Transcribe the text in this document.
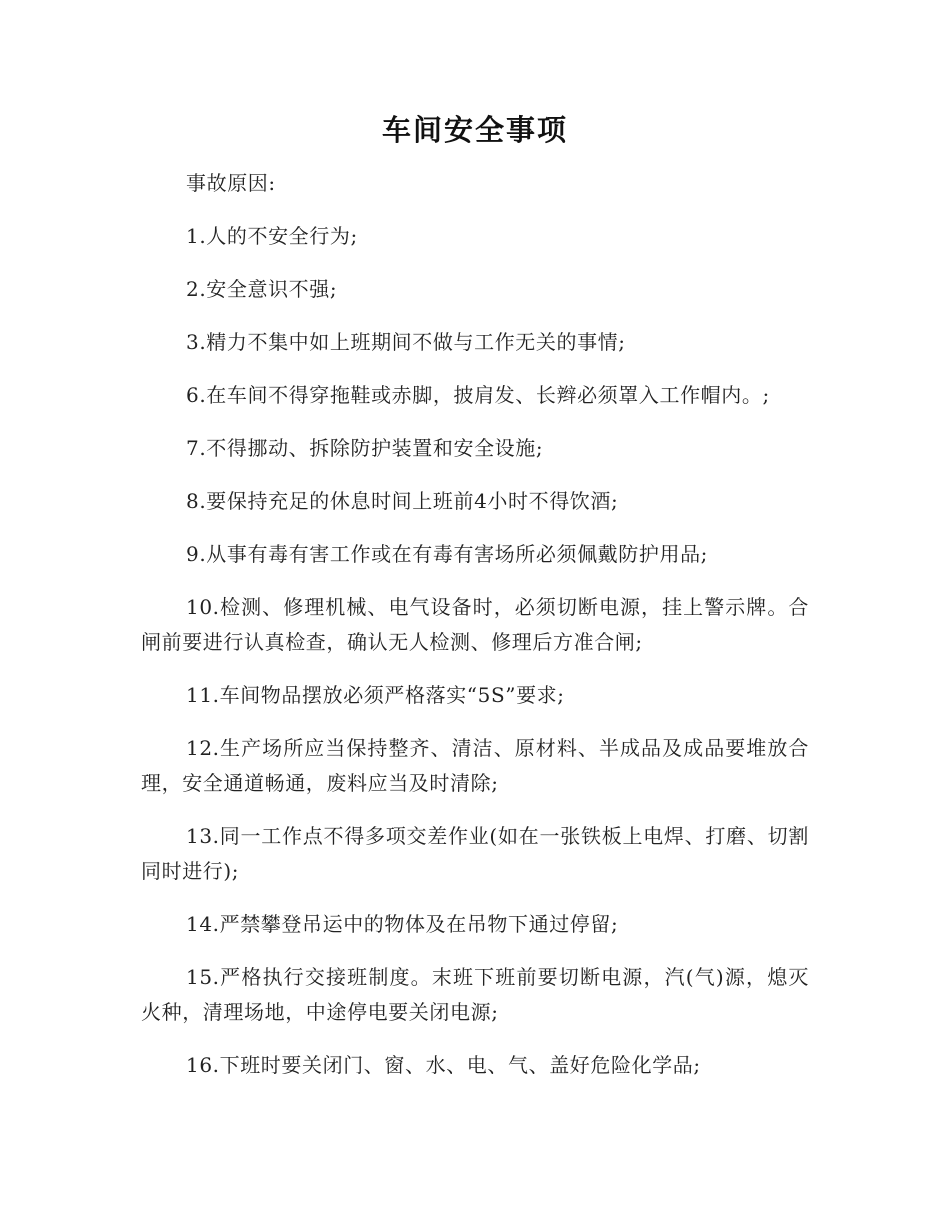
车间安全事项

事故原因:

1.人的不安全行为;

2.安全意识不强;

3.精力不集中如上班期间不做与工作无关的事情;

6.在车间不得穿拖鞋或赤脚，披肩发、长辫必须罩入工作帽内。;

7.不得挪动、拆除防护装置和安全设施;

8.要保持充足的休息时间上班前4小时不得饮酒;

9.从事有毒有害工作或在有毒有害场所必须佩戴防护用品;

10.检测、修理机械、电气设备时，必须切断电源，挂上警示牌。合闸前要进行认真检查，确认无人检测、修理后方准合闸;

11.车间物品摆放必须严格落实“5S”要求;

12.生产场所应当保持整齐、清洁、原材料、半成品及成品要堆放合理，安全通道畅通，废料应当及时清除;

13.同一工作点不得多项交差作业(如在一张铁板上电焊、打磨、切割同时进行);

14.严禁攀登吊运中的物体及在吊物下通过停留;

15.严格执行交接班制度。末班下班前要切断电源，汽(气)源，熄灭火种，清理场地，中途停电要关闭电源;

16.下班时要关闭门、窗、水、电、气、盖好危险化学品;
